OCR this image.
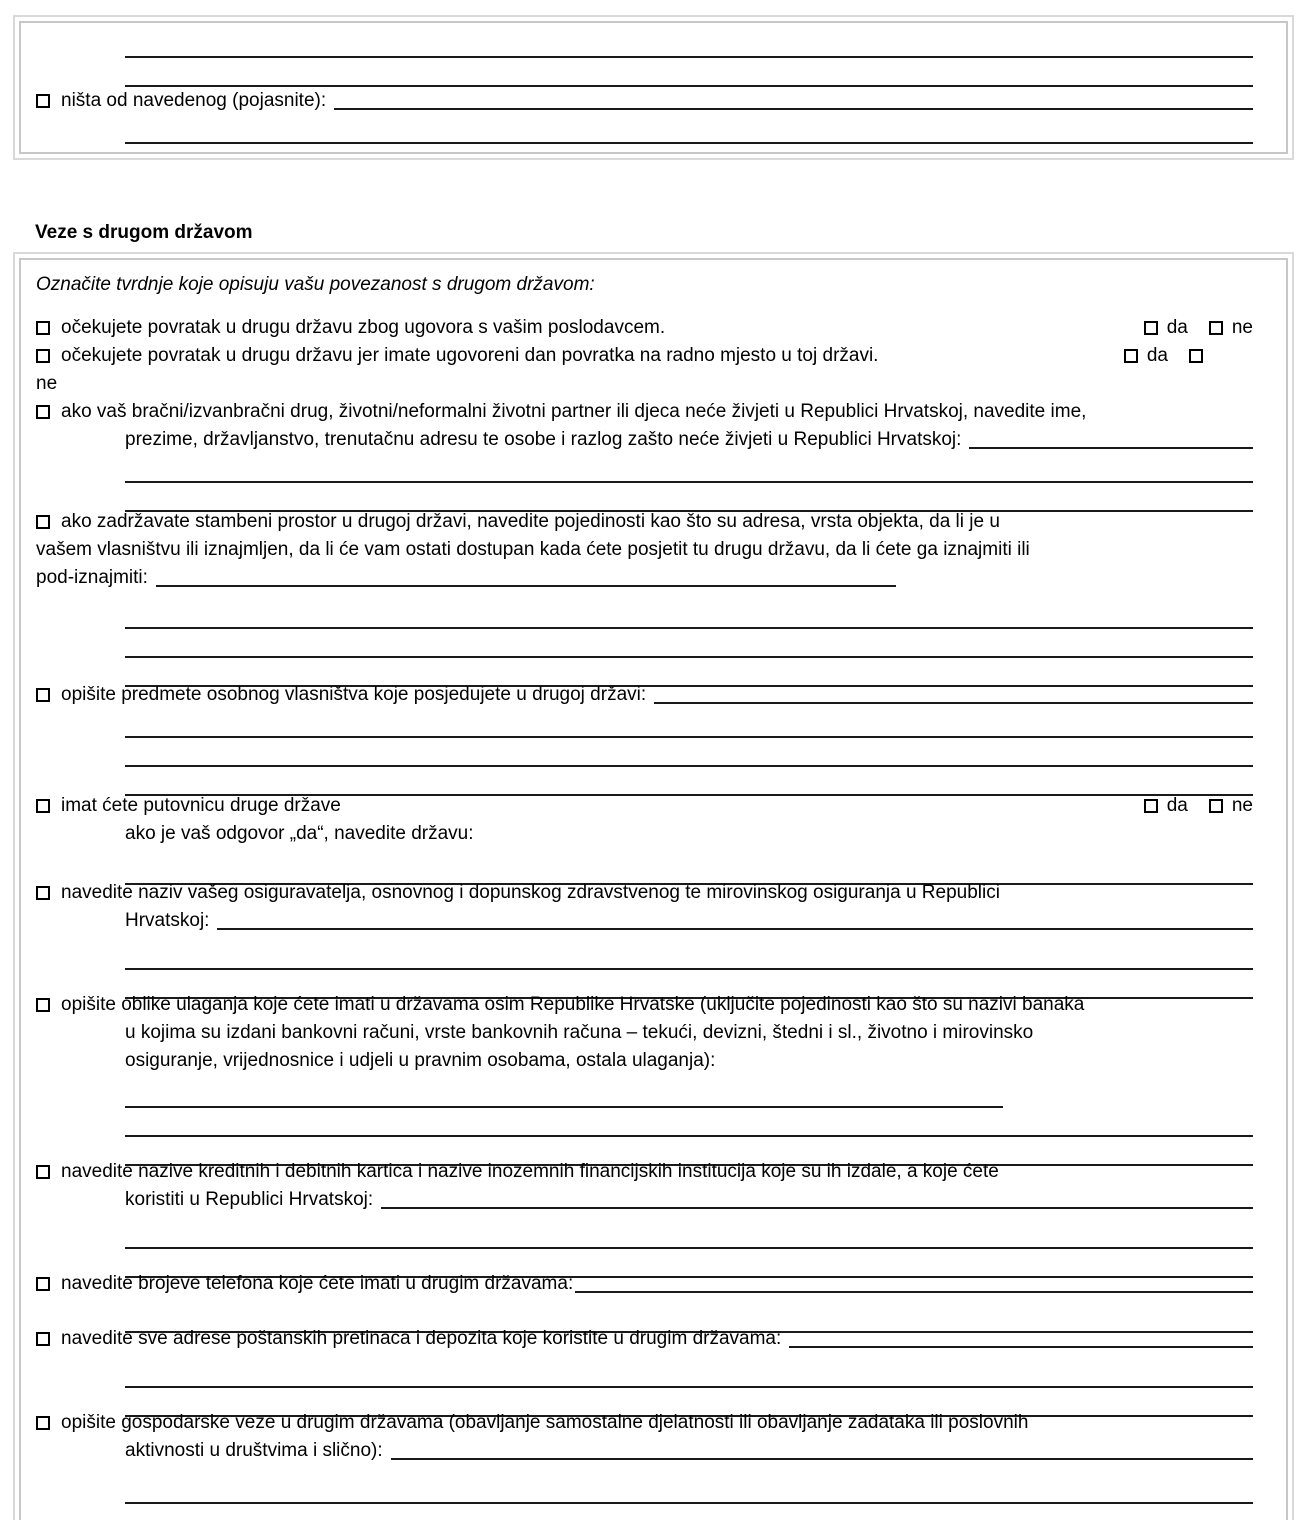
ništa od navedenog (pojasnite):
Veze s drugom državom
Označite tvrdnje koje opisuju vašu povezanost s drugom državom:
očekujete povratak u drugu državu zbog ugovora s vašim poslodavcem.	da ne
očekujete povratak u drugu državu jer imate ugovoreni dan povratka na radno mjesto u toj državi.	da
ne
ako vaš bračni/izvanbračni drug, životni/neformalni životni partner ili djeca neće živjeti u Republici Hrvatskoj, navedite ime,
prezime, državljanstvo, trenutačnu adresu te osobe i razlog zašto neće živjeti u Republici Hrvatskoj:
ako zadržavate stambeni prostor u drugoj državi, navedite pojedinosti kao što su adresa, vrsta objekta, da li je u
vašem vlasništvu ili iznajmljen, da li će vam ostati dostupan kada ćete posjetit tu drugu državu, da li ćete ga iznajmiti ili
pod-iznajmiti:
opišite predmete osobnog vlasništva koje posjedujete u drugoj državi:
imat ćete putovnicu druge države	da ne
ako je vaš odgovor „da“, navedite državu:
navedite naziv vašeg osiguravatelja, osnovnog i dopunskog zdravstvenog te mirovinskog osiguranja u Republici
Hrvatskoj:
opišite oblike ulaganja koje ćete imati u državama osim Republike Hrvatske (uključite pojedinosti kao što su nazivi banaka
u kojima su izdani bankovni računi, vrste bankovnih računa – tekući, devizni, štedni i sl., životno i mirovinsko
osiguranje, vrijednosnice i udjeli u pravnim osobama, ostala ulaganja):
navedite nazive kreditnih i debitnih kartica i nazive inozemnih financijskih institucija koje su ih izdale, a koje ćete
koristiti u Republici Hrvatskoj:
navedite brojeve telefona koje ćete imati u drugim državama:
navedite sve adrese poštanskih pretinaca i depozita koje koristite u drugim državama:
opišite gospodarske veze u drugim državama (obavljanje samostalne djelatnosti ili obavljanje zadataka ili poslovnih
aktivnosti u društvima i slično):
